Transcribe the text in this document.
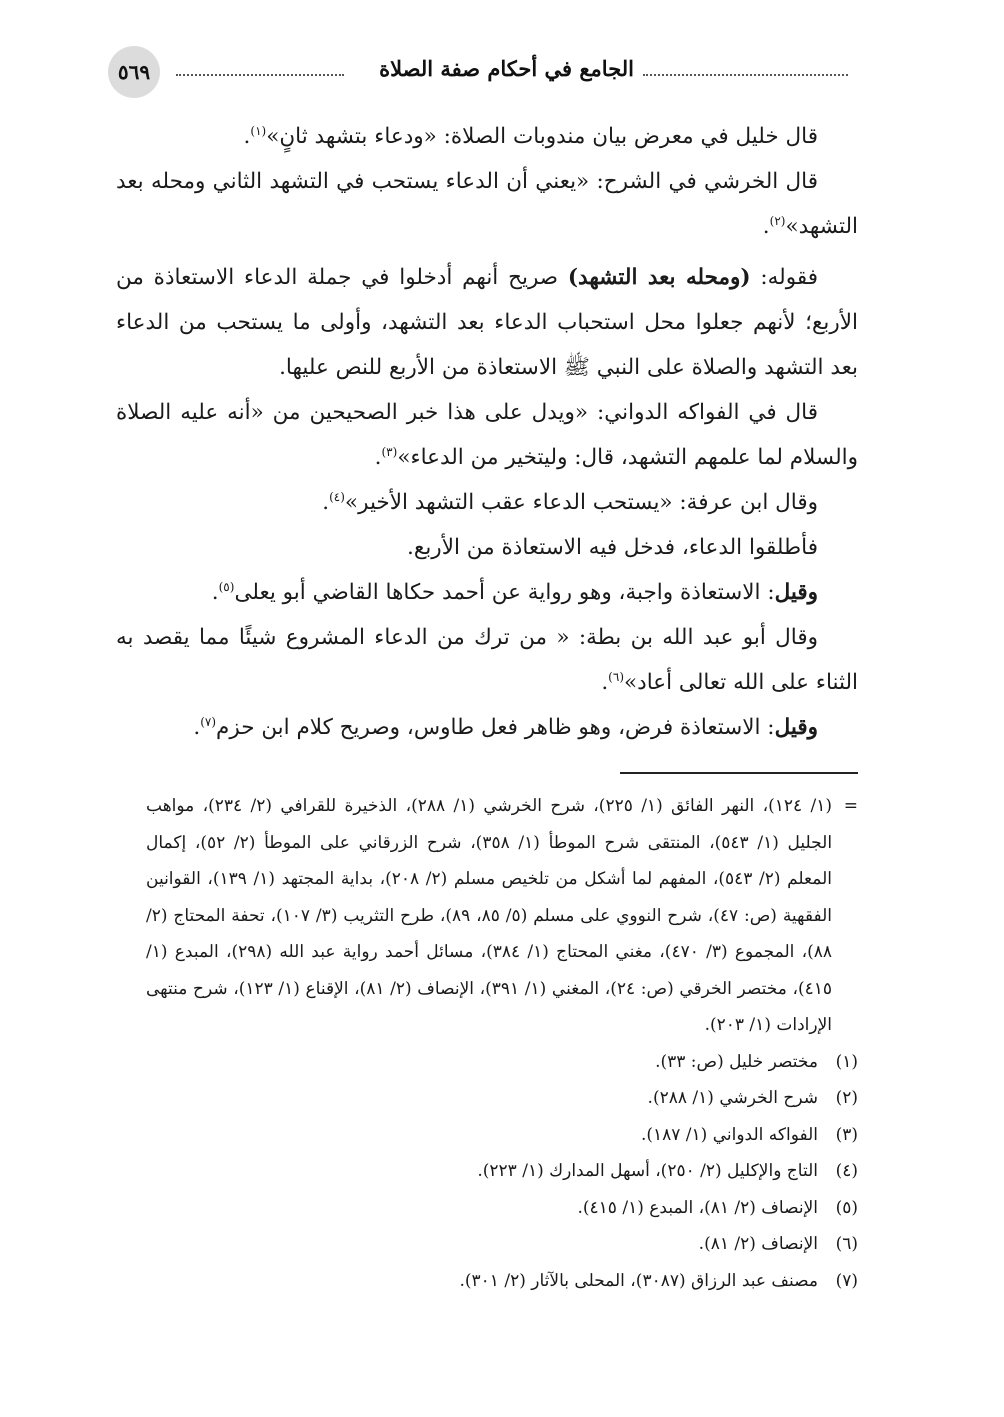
٥٦٩	الجامع في أحكام صفة الصلاة

قال خليل في معرض بيان مندوبات الصلاة: «ودعاء بتشهد ثانٍ»$^{(١)}$.

قال الخرشي في الشرح: «يعني أن الدعاء يستحب في التشهد الثاني ومحله بعد التشهد»$^{(٢)}$.

فقوله: (ومحله بعد التشهد) صريح أنهم أدخلوا في جملة الدعاء الاستعاذة من الأربع؛ لأنهم جعلوا محل استحباب الدعاء بعد التشهد، وأولى ما يستحب من الدعاء بعد التشهد والصلاة على النبي ﷺ الاستعاذة من الأربع للنص عليها.

قال في الفواكه الدواني: «ويدل على هذا خبر الصحيحين من «أنه عليه الصلاة والسلام لما علمهم التشهد، قال: وليتخير من الدعاء»$^{(٣)}$.

وقال ابن عرفة: «يستحب الدعاء عقب التشهد الأخير»$^{(٤)}$.

فأطلقوا الدعاء، فدخل فيه الاستعاذة من الأربع.

وقيل: الاستعاذة واجبة، وهو رواية عن أحمد حكاها القاضي أبو يعلى$^{(٥)}$.

وقال أبو عبد الله بن بطة: « من ترك من الدعاء المشروع شيئًا مما يقصد به الثناء على الله تعالى أعاد»$^{(٦)}$.

وقيل: الاستعاذة فرض، وهو ظاهر فعل طاوس، وصريح كلام ابن حزم$^{(٧)}$.

=
(١/ ١٢٤)، النهر الفائق (١/ ٢٢٥)، شرح الخرشي (١/ ٢٨٨)، الذخيرة للقرافي (٢/ ٢٣٤)، مواهب الجليل (١/ ٥٤٣)، المنتقى شرح الموطأ (١/ ٣٥٨)، شرح الزرقاني على الموطأ (٢/ ٥٢)، إكمال المعلم (٢/ ٥٤٣)، المفهم لما أشكل من تلخيص مسلم (٢/ ٢٠٨)، بداية المجتهد (١/ ١٣٩)، القوانين الفقهية (ص: ٤٧)، شرح النووي على مسلم (٥/ ٨٥، ٨٩)، طرح التثريب (٣/ ١٠٧)، تحفة المحتاج (٢/ ٨٨)، المجموع (٣/ ٤٧٠)، مغني المحتاج (١/ ٣٨٤)، مسائل أحمد رواية عبد الله (٢٩٨)، المبدع (١/ ٤١٥)، مختصر الخرقي (ص: ٢٤)، المغني (١/ ٣٩١)، الإنصاف (٢/ ٨١)، الإقناع (١/ ١٢٣)، شرح منتهى الإرادات (١/ ٢٠٣).
(١)
مختصر خليل (ص: ٣٣).
(٢)
شرح الخرشي (١/ ٢٨٨).
(٣)
الفواكه الدواني (١/ ١٨٧).
(٤)
التاج والإكليل (٢/ ٢٥٠)، أسهل المدارك (١/ ٢٢٣).
(٥)
الإنصاف (٢/ ٨١)، المبدع (١/ ٤١٥).
(٦)
الإنصاف (٢/ ٨١).
(٧)
مصنف عبد الرزاق (٣٠٨٧)، المحلى بالآثار (٢/ ٣٠١).
